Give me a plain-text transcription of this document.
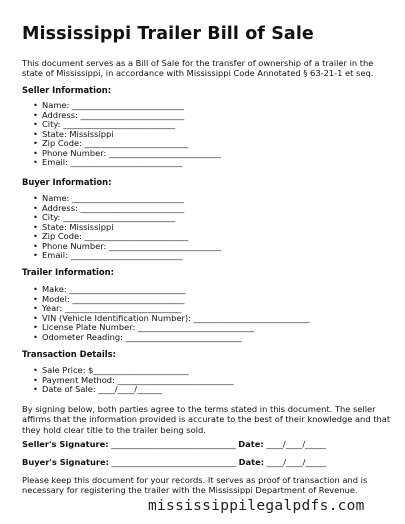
Mississippi Trailer Bill of Sale

This document serves as a Bill of Sale for the transfer of ownership of a trailer in the state of Mississippi, in accordance with Mississippi Code Annotated § 63-21-1 et seq.

Seller Information:

• Name: ___________________________
• Address: _________________________
• City: ___________________________
• State: Mississippi
• Zip Code: _________________________
• Phone Number: ___________________________
• Email: ___________________________

Buyer Information:

• Name: ___________________________
• Address: _________________________
• City: ___________________________
• State: Mississippi
• Zip Code: _________________________
• Phone Number: ___________________________
• Email: ___________________________

Trailer Information:

• Make: ____________________________
• Model: ___________________________
• Year: ____________________________
• VIN (Vehicle Identification Number): ____________________________
• License Plate Number: ____________________________
• Odometer Reading: ____________________________

Transaction Details:

• Sale Price: $_______________________
• Payment Method: ____________________________
• Date of Sale: ____/____/______

By signing below, both parties agree to the terms stated in this document. The seller affirms that the information provided is accurate to the best of their knowledge and that they hold clear title to the trailer being sold.

Seller's Signature: ______________________________ Date: ____/____/_____

Buyer's Signature: ______________________________ Date: ____/____/_____

Please keep this document for your records. It serves as proof of transaction and is necessary for registering the trailer with the Mississippi Department of Revenue.

mississippilegalpdfs.com
